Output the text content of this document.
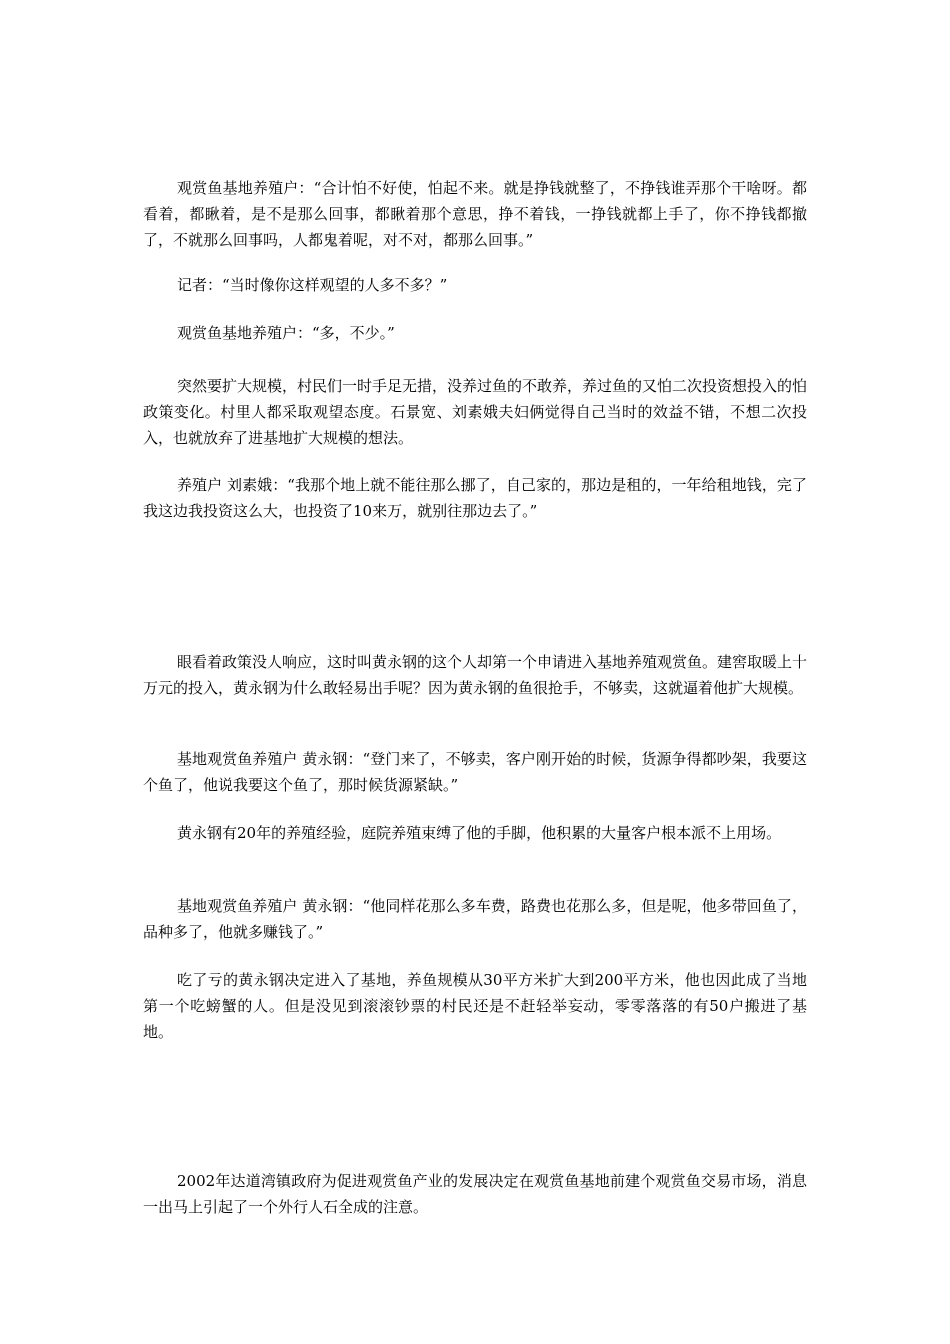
观赏鱼基地养殖户：“合计怕不好使，怕起不来。就是挣钱就整了，不挣钱谁弄那个干啥呀。都看着，都瞅着，是不是那么回事，都瞅着那个意思，挣不着钱，一挣钱就都上手了，你不挣钱都撤了，不就那么回事吗，人都鬼着呢，对不对，都那么回事。”

记者：“当时像你这样观望的人多不多？”

观赏鱼基地养殖户：“多，不少。”

突然要扩大规模，村民们一时手足无措，没养过鱼的不敢养，养过鱼的又怕二次投资想投入的怕政策变化。村里人都采取观望态度。石景宽、刘素娥夫妇俩觉得自己当时的效益不错，不想二次投入，也就放弃了进基地扩大规模的想法。

养殖户 刘素娥：“我那个地上就不能往那么挪了，自己家的，那边是租的，一年给租地钱，完了我这边我投资这么大，也投资了10来万，就别往那边去了。”

眼看着政策没人响应，这时叫黄永钢的这个人却第一个申请进入基地养殖观赏鱼。建窖取暖上十万元的投入，黄永钢为什么敢轻易出手呢？因为黄永钢的鱼很抢手，不够卖，这就逼着他扩大规模。

基地观赏鱼养殖户 黄永钢：“登门来了，不够卖，客户刚开始的时候，货源争得都吵架，我要这个鱼了，他说我要这个鱼了，那时候货源紧缺。”

黄永钢有20年的养殖经验，庭院养殖束缚了他的手脚，他积累的大量客户根本派不上用场。

基地观赏鱼养殖户 黄永钢：“他同样花那么多车费，路费也花那么多，但是呢，他多带回鱼了，品种多了，他就多赚钱了。”

吃了亏的黄永钢决定进入了基地，养鱼规模从30平方米扩大到200平方米，他也因此成了当地第一个吃螃蟹的人。但是没见到滚滚钞票的村民还是不赶轻举妄动，零零落落的有50户搬进了基地。

2002年达道湾镇政府为促进观赏鱼产业的发展决定在观赏鱼基地前建个观赏鱼交易市场，消息一出马上引起了一个外行人石全成的注意。
